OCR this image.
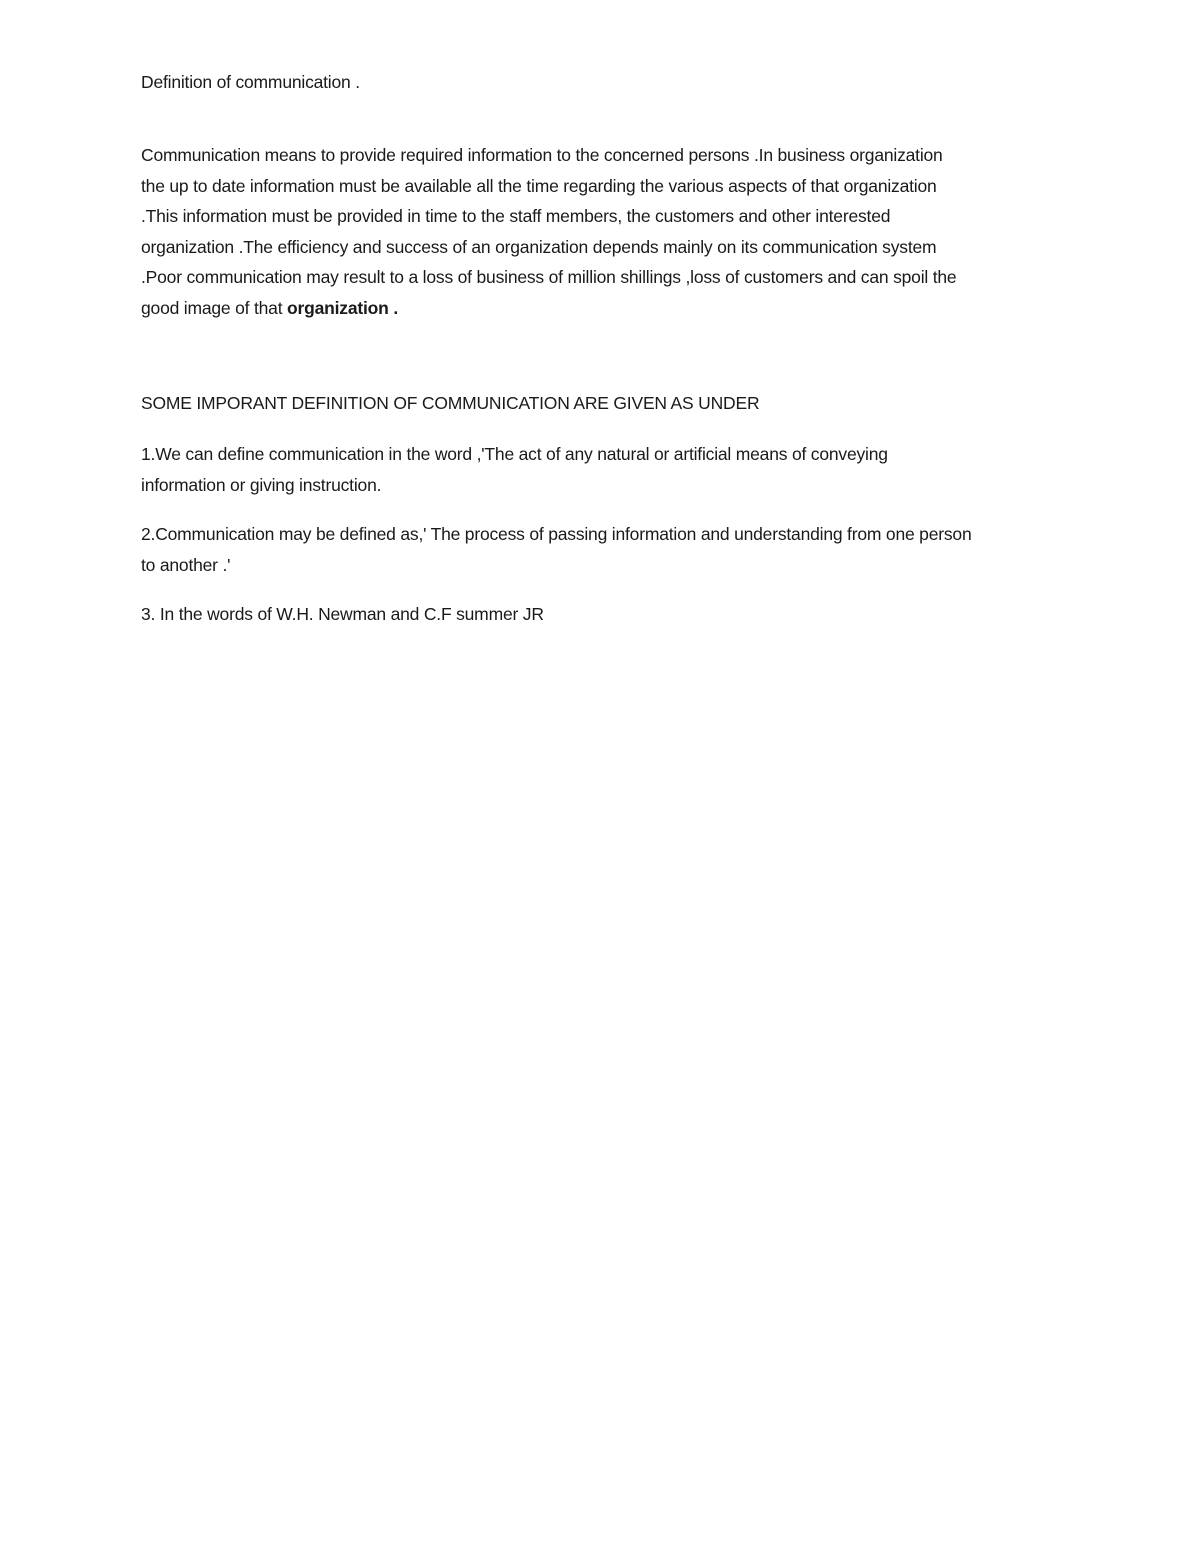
Definition of communication .

Communication means to provide required information to the concerned persons .In business organization
the up to date information must be available all the time regarding the various aspects of that organization
.This information must be provided in time to the staff members, the customers and other interested
organization .The efficiency and success of an organization depends mainly on its communication system
.Poor communication may result to a loss of business of million shillings ,loss of customers and can spoil the
good image of that organization .

SOME IMPORANT DEFINITION OF COMMUNICATION ARE GIVEN AS UNDER

1.We can define communication in the word ,'The act of any natural or artificial means of conveying
information or giving instruction.
2.Communication may be defined as,' The process of passing information and understanding from one person
to another .'
3. In the words of W.H. Newman and C.F summer JR
